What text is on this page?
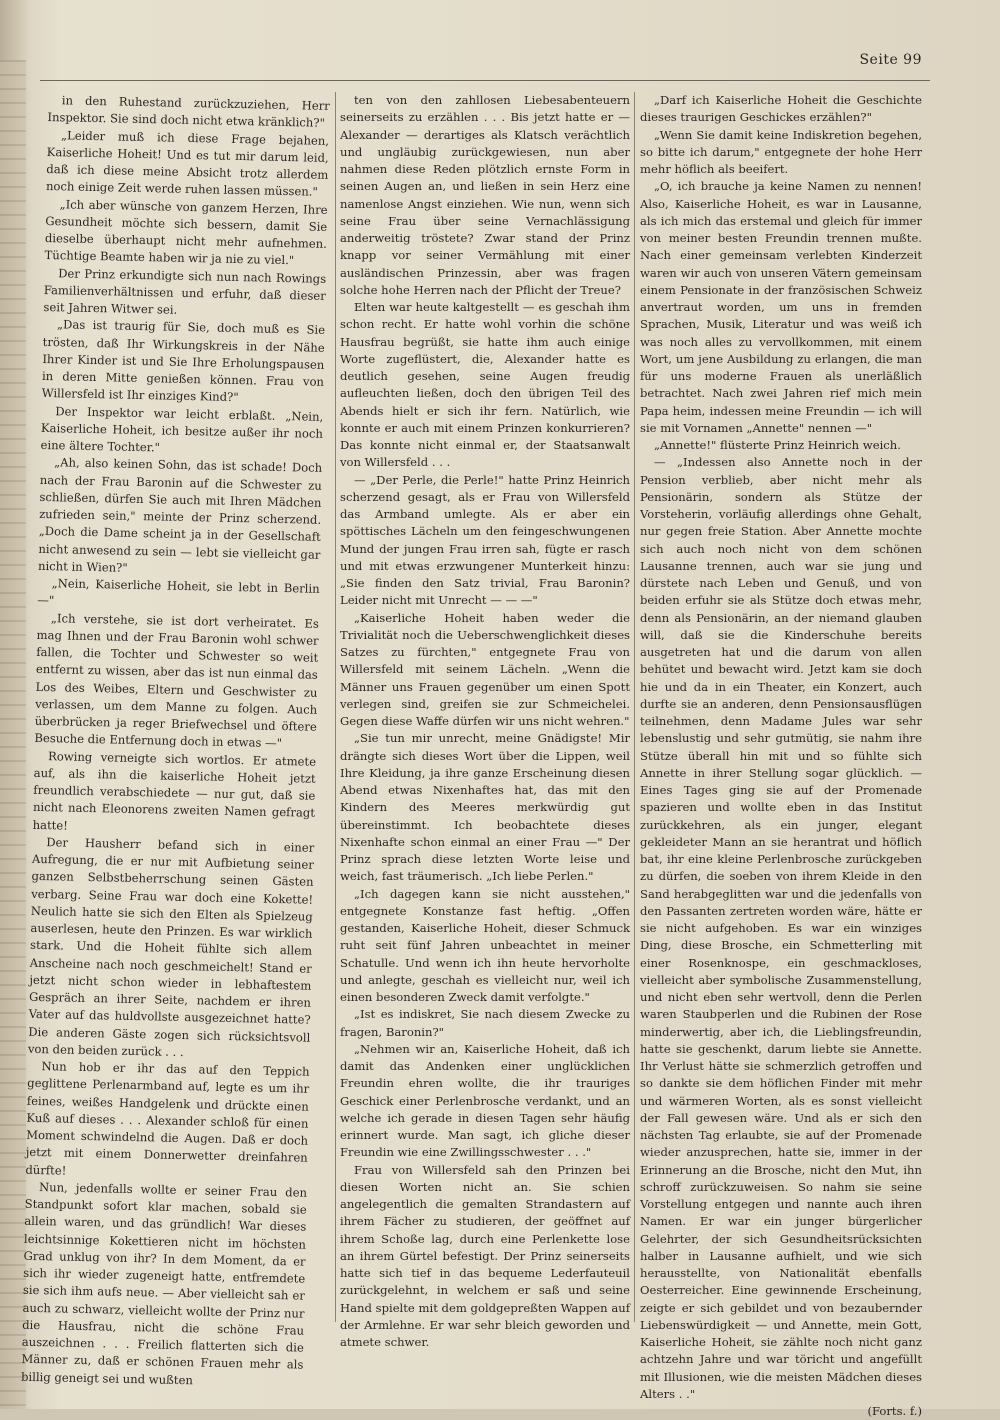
Seite 99

in den Ruhestand zurückzuziehen, Herr Inspektor. Sie sind doch nicht etwa kränklich?"

„Leider muß ich diese Frage bejahen, Kaiserliche Hoheit! Und es tut mir darum leid, daß ich diese meine Absicht trotz allerdem noch einige Zeit werde ruhen lassen müssen."

„Ich aber wünsche von ganzem Herzen, Ihre Gesundheit möchte sich bessern, damit Sie dieselbe überhaupt nicht mehr aufnehmen. Tüchtige Beamte haben wir ja nie zu viel."

Der Prinz erkundigte sich nun nach Rowings Familienverhältnissen und erfuhr, daß dieser seit Jahren Witwer sei.

„Das ist traurig für Sie, doch muß es Sie trösten, daß Ihr Wirkungskreis in der Nähe Ihrer Kinder ist und Sie Ihre Erholungspausen in deren Mitte genießen können. Frau von Willersfeld ist Ihr einziges Kind?"

Der Inspektor war leicht erblaßt. „Nein, Kaiserliche Hoheit, ich besitze außer ihr noch eine ältere Tochter."

„Ah, also keinen Sohn, das ist schade! Doch nach der Frau Baronin auf die Schwester zu schließen, dürfen Sie auch mit Ihren Mädchen zufrieden sein," meinte der Prinz scherzend. „Doch die Dame scheint ja in der Gesellschaft nicht anwesend zu sein — lebt sie vielleicht gar nicht in Wien?"

„Nein, Kaiserliche Hoheit, sie lebt in Berlin —"

„Ich verstehe, sie ist dort verheiratet. Es mag Ihnen und der Frau Baronin wohl schwer fallen, die Tochter und Schwester so weit entfernt zu wissen, aber das ist nun einmal das Los des Weibes, Eltern und Geschwister zu verlassen, um dem Manne zu folgen. Auch überbrücken ja reger Briefwechsel und öftere Besuche die Entfernung doch in etwas —"

Rowing verneigte sich wortlos. Er atmete auf, als ihn die kaiserliche Hoheit jetzt freundlich verabschiedete — nur gut, daß sie nicht nach Eleonorens zweiten Namen gefragt hatte!

Der Hausherr befand sich in einer Aufregung, die er nur mit Aufbietung seiner ganzen Selbstbeherrschung seinen Gästen verbarg. Seine Frau war doch eine Kokette! Neulich hatte sie sich den Elten als Spielzeug auserlesen, heute den Prinzen. Es war wirklich stark. Und die Hoheit fühlte sich allem Anscheine nach noch geschmeichelt! Stand er jetzt nicht schon wieder in lebhaftestem Gespräch an ihrer Seite, nachdem er ihren Vater auf das huldvollste ausgezeichnet hatte? Die anderen Gäste zogen sich rücksichtsvoll von den beiden zurück . . .

Nun hob er ihr das auf den Teppich geglittene Perlenarmband auf, legte es um ihr feines, weißes Handgelenk und drückte einen Kuß auf dieses . . . Alexander schloß für einen Moment schwindelnd die Augen. Daß er doch jetzt mit einem Donnerwetter dreinfahren dürfte!

Nun, jedenfalls wollte er seiner Frau den Standpunkt sofort klar machen, sobald sie allein waren, und das gründlich! War dieses leichtsinnige Kokettieren nicht im höchsten Grad unklug von ihr? In dem Moment, da er sich ihr wieder zugeneigt hatte, entfremdete sie sich ihm aufs neue. — Aber vielleicht sah er auch zu schwarz, vielleicht wollte der Prinz nur die Hausfrau, nicht die schöne Frau auszeichnen . . . Freilich flatterten sich die Männer zu, daß er schönen Frauen mehr als billig geneigt sei und wußten

ten von den zahllosen Liebesabenteuern seinerseits zu erzählen . . . Bis jetzt hatte er — Alexander — derartiges als Klatsch verächtlich und ungläubig zurückgewiesen, nun aber nahmen diese Reden plötzlich ernste Form in seinen Augen an, und ließen in sein Herz eine namenlose Angst einziehen. Wie nun, wenn sich seine Frau über seine Vernachlässigung anderweitig tröstete? Zwar stand der Prinz knapp vor seiner Vermählung mit einer ausländischen Prinzessin, aber was fragen solche hohe Herren nach der Pflicht der Treue?

Elten war heute kaltgestellt — es geschah ihm schon recht. Er hatte wohl vorhin die schöne Hausfrau begrüßt, sie hatte ihm auch einige Worte zugeflüstert, die, Alexander hatte es deutlich gesehen, seine Augen freudig aufleuchten ließen, doch den übrigen Teil des Abends hielt er sich ihr fern. Natürlich, wie konnte er auch mit einem Prinzen konkurrieren? Das konnte nicht einmal er, der Staatsanwalt von Willersfeld . . .

— „Der Perle, die Perle!" hatte Prinz Heinrich scherzend gesagt, als er Frau von Willersfeld das Armband umlegte. Als er aber ein spöttisches Lächeln um den feingeschwungenen Mund der jungen Frau irren sah, fügte er rasch und mit etwas erzwungener Munterkeit hinzu: „Sie finden den Satz trivial, Frau Baronin? Leider nicht mit Unrecht — — —"

„Kaiserliche Hoheit haben weder die Trivialität noch die Ueberschwenglichkeit dieses Satzes zu fürchten," entgegnete Frau von Willersfeld mit seinem Lächeln. „Wenn die Männer uns Frauen gegenüber um einen Spott verlegen sind, greifen sie zur Schmeichelei. Gegen diese Waffe dürfen wir uns nicht wehren."

„Sie tun mir unrecht, meine Gnädigste! Mir drängte sich dieses Wort über die Lippen, weil Ihre Kleidung, ja ihre ganze Erscheinung diesen Abend etwas Nixenhaftes hat, das mit den Kindern des Meeres merkwürdig gut übereinstimmt. Ich beobachtete dieses Nixenhafte schon einmal an einer Frau —" Der Prinz sprach diese letzten Worte leise und weich, fast träumerisch. „Ich liebe Perlen."

„Ich dagegen kann sie nicht ausstehen," entgegnete Konstanze fast heftig. „Offen gestanden, Kaiserliche Hoheit, dieser Schmuck ruht seit fünf Jahren unbeachtet in meiner Schatulle. Und wenn ich ihn heute hervorholte und anlegte, geschah es vielleicht nur, weil ich einen besonderen Zweck damit verfolgte."

„Ist es indiskret, Sie nach diesem Zwecke zu fragen, Baronin?"

„Nehmen wir an, Kaiserliche Hoheit, daß ich damit das Andenken einer unglücklichen Freundin ehren wollte, die ihr trauriges Geschick einer Perlenbrosche verdankt, und an welche ich gerade in diesen Tagen sehr häufig erinnert wurde. Man sagt, ich gliche dieser Freundin wie eine Zwillingsschwester . . ."

Frau von Willersfeld sah den Prinzen bei diesen Worten nicht an. Sie schien angelegentlich die gemalten Strandastern auf ihrem Fächer zu studieren, der geöffnet auf ihrem Schoße lag, durch eine Perlenkette lose an ihrem Gürtel befestigt. Der Prinz seinerseits hatte sich tief in das bequeme Lederfauteuil zurückgelehnt, in welchem er saß und seine Hand spielte mit dem goldgepreßten Wappen auf der Armlehne. Er war sehr bleich geworden und atmete schwer.

„Darf ich Kaiserliche Hoheit die Geschichte dieses traurigen Geschickes erzählen?"

„Wenn Sie damit keine Indiskretion begehen, so bitte ich darum," entgegnete der hohe Herr mehr höflich als beeifert.

„O, ich brauche ja keine Namen zu nennen! Also, Kaiserliche Hoheit, es war in Lausanne, als ich mich das erstemal und gleich für immer von meiner besten Freundin trennen mußte. Nach einer gemeinsam verlebten Kinderzeit waren wir auch von unseren Vätern gemeinsam einem Pensionate in der französischen Schweiz anvertraut worden, um uns in fremden Sprachen, Musik, Literatur und was weiß ich was noch alles zu vervollkommen, mit einem Wort, um jene Ausbildung zu erlangen, die man für uns moderne Frauen als unerläßlich betrachtet. Nach zwei Jahren rief mich mein Papa heim, indessen meine Freundin — ich will sie mit Vornamen „Annette" nennen —"

„Annette!" flüsterte Prinz Heinrich weich.

— „Indessen also Annette noch in der Pension verblieb, aber nicht mehr als Pensionärin, sondern als Stütze der Vorsteherin, vorläufig allerdings ohne Gehalt, nur gegen freie Station. Aber Annette mochte sich auch noch nicht von dem schönen Lausanne trennen, auch war sie jung und dürstete nach Leben und Genuß, und von beiden erfuhr sie als Stütze doch etwas mehr, denn als Pensionärin, an der niemand glauben will, daß sie die Kinderschuhe bereits ausgetreten hat und die darum von allen behütet und bewacht wird. Jetzt kam sie doch hie und da in ein Theater, ein Konzert, auch durfte sie an anderen, denn Pensionsausflügen teilnehmen, denn Madame Jules war sehr lebenslustig und sehr gutmütig, sie nahm ihre Stütze überall hin mit und so fühlte sich Annette in ihrer Stellung sogar glücklich. — Eines Tages ging sie auf der Promenade spazieren und wollte eben in das Institut zurückkehren, als ein junger, elegant gekleideter Mann an sie herantrat und höflich bat, ihr eine kleine Perlenbrosche zurückgeben zu dürfen, die soeben von ihrem Kleide in den Sand herabgeglitten war und die jedenfalls von den Passanten zertreten worden wäre, hätte er sie nicht aufgehoben. Es war ein winziges Ding, diese Brosche, ein Schmetterling mit einer Rosenknospe, ein geschmackloses, vielleicht aber symbolische Zusammenstellung, und nicht eben sehr wertvoll, denn die Perlen waren Staubperlen und die Rubinen der Rose minderwertig, aber ich, die Lieblingsfreundin, hatte sie geschenkt, darum liebte sie Annette. Ihr Verlust hätte sie schmerzlich getroffen und so dankte sie dem höflichen Finder mit mehr und wärmeren Worten, als es sonst vielleicht der Fall gewesen wäre. Und als er sich den nächsten Tag erlaubte, sie auf der Promenade wieder anzusprechen, hatte sie, immer in der Erinnerung an die Brosche, nicht den Mut, ihn schroff zurückzuweisen. So nahm sie seine Vorstellung entgegen und nannte auch ihren Namen. Er war ein junger bürgerlicher Gelehrter, der sich Gesundheitsrücksichten halber in Lausanne aufhielt, und wie sich herausstellte, von Nationalität ebenfalls Oesterreicher. Eine gewinnende Erscheinung, zeigte er sich gebildet und von bezaubernder Liebenswürdigkeit — und Annette, mein Gott, Kaiserliche Hoheit, sie zählte noch nicht ganz achtzehn Jahre und war töricht und angefüllt mit Illusionen, wie die meisten Mädchen dieses Alters . ."

(Forts. f.)
